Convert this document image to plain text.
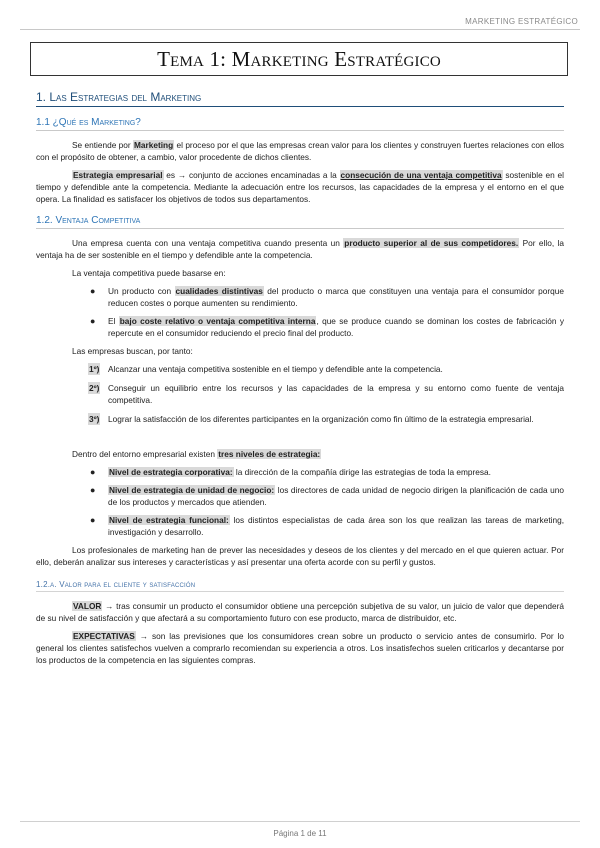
MARKETING ESTRATÉGICO
Tema 1: Marketing Estratégico
1. Las Estrategias del Marketing
1.1 ¿Qué es Marketing?

Se entiende por Marketing el proceso por el que las empresas crean valor para los clientes y construyen fuertes relaciones con ellos con el propósito de obtener, a cambio, valor procedente de dichos clientes.

Estrategia empresarial es → conjunto de acciones encaminadas a la consecución de una ventaja competitiva sostenible en el tiempo y defendible ante la competencia. Mediante la adecuación entre los recursos, las capacidades de la empresa y el entorno en el que opera. La finalidad es satisfacer los objetivos de todos sus departamentos.

1.2. Ventaja Competitiva

Una empresa cuenta con una ventaja competitiva cuando presenta un producto superior al de sus competidores. Por ello, la ventaja ha de ser sostenible en el tiempo y defendible ante la competencia.

La ventaja competitiva puede basarse en:

● Un producto con cualidades distintivas del producto o marca que constituyen una ventaja para el consumidor porque reducen costes o porque aumenten su rendimiento.
● El bajo coste relativo o ventaja competitiva interna, que se produce cuando se dominan los costes de fabricación y repercute en el consumidor reduciendo el precio final del producto.

Las empresas buscan, por tanto:

1º) Alcanzar una ventaja competitiva sostenible en el tiempo y defendible ante la competencia.
2º) Conseguir un equilibrio entre los recursos y las capacidades de la empresa y su entorno como fuente de ventaja competitiva.
3º) Lograr la satisfacción de los diferentes participantes en la organización como fin último de la estrategia empresarial.

Dentro del entorno empresarial existen tres niveles de estrategia:

● Nivel de estrategia corporativa: la dirección de la compañía dirige las estrategias de toda la empresa.
● Nivel de estrategia de unidad de negocio: los directores de cada unidad de negocio dirigen la planificación de cada uno de los productos y mercados que atienden.
● Nivel de estrategia funcional: los distintos especialistas de cada área son los que realizan las tareas de marketing, investigación y desarrollo.

Los profesionales de marketing han de prever las necesidades y deseos de los clientes y del mercado en el que quieren actuar. Por ello, deberán analizar sus intereses y características y así presentar una oferta acorde con su perfil y gustos.

1.2.a. Valor para el cliente y satisfacción

VALOR → tras consumir un producto el consumidor obtiene una percepción subjetiva de su valor, un juicio de valor que dependerá de su nivel de satisfacción y que afectará a su comportamiento futuro con ese producto, marca de distribuidor, etc.

EXPECTATIVAS → son las previsiones que los consumidores crean sobre un producto o servicio antes de consumirlo. Por lo general los clientes satisfechos vuelven a comprarlo recomiendan su experiencia a otros. Los insatisfechos suelen criticarlos y decantarse por los productos de la competencia en las siguientes compras.

Página 1 de 11
